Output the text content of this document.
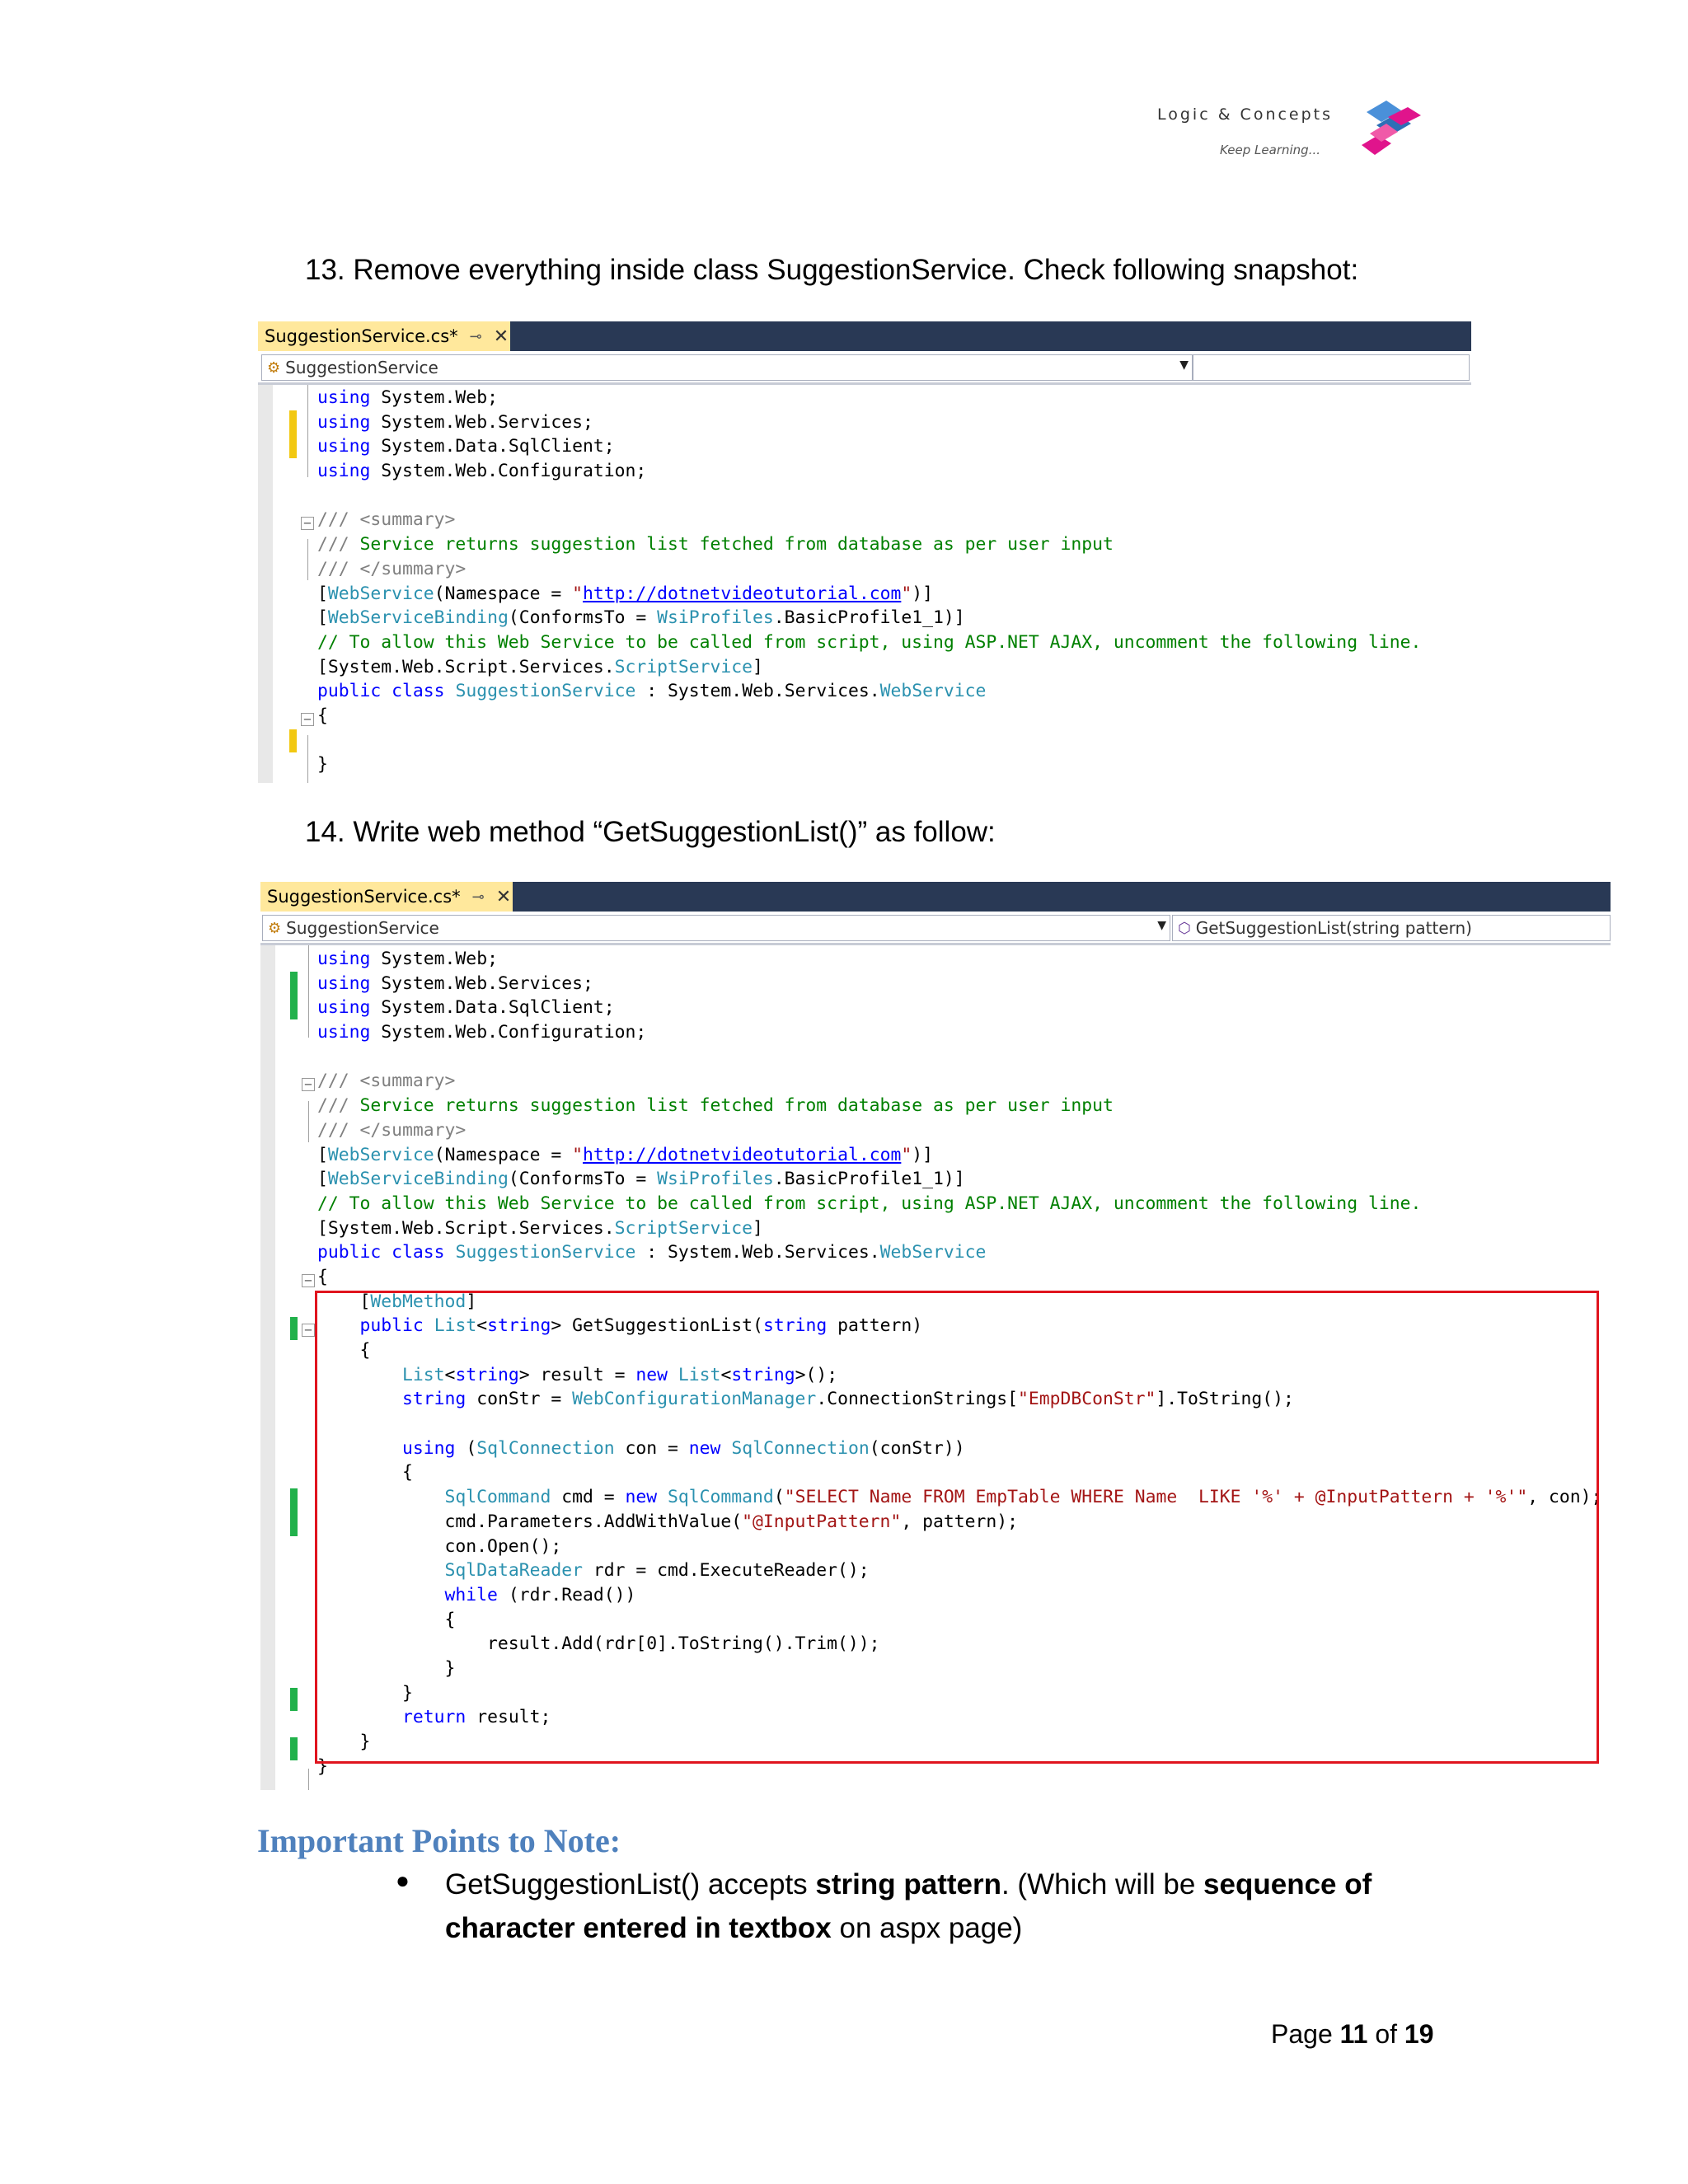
Logic & Concepts
Keep Learning...
13. Remove everything inside class SuggestionService. Check following snapshot:
SuggestionService.cs* ⊸ ✕
⚙ SuggestionService	▼
−
−
using System.Web;
using System.Web.Services;
using System.Data.SqlClient;
using System.Web.Configuration;

/// <summary>
/// Service returns suggestion list fetched from database as per user input
/// </summary>
[WebService(Namespace = "http://dotnetvideotutorial.com")]
[WebServiceBinding(ConformsTo = WsiProfiles.BasicProfile1_1)]
// To allow this Web Service to be called from script, using ASP.NET AJAX, uncomment the following line.
[System.Web.Script.Services.ScriptService]
public class SuggestionService : System.Web.Services.WebService
{

}
14. Write web method “GetSuggestionList()” as follow:
SuggestionService.cs* ⊸ ✕
⚙ SuggestionService	▼ ⬡ GetSuggestionList(string pattern)
−
−
−
using System.Web;
using System.Web.Services;
using System.Data.SqlClient;
using System.Web.Configuration;

/// <summary>
/// Service returns suggestion list fetched from database as per user input
/// </summary>
[WebService(Namespace = "http://dotnetvideotutorial.com")]
[WebServiceBinding(ConformsTo = WsiProfiles.BasicProfile1_1)]
// To allow this Web Service to be called from script, using ASP.NET AJAX, uncomment the following line.
[System.Web.Script.Services.ScriptService]
public class SuggestionService : System.Web.Services.WebService
{
[WebMethod]
public List<string> GetSuggestionList(string pattern)
{
List<string> result = new List<string>();
string conStr = WebConfigurationManager.ConnectionStrings["EmpDBConStr"].ToString();

using (SqlConnection con = new SqlConnection(conStr))
{
SqlCommand cmd = new SqlCommand("SELECT Name FROM EmpTable WHERE Name  LIKE '%' + @InputPattern + '%'", con);
cmd.Parameters.AddWithValue("@InputPattern", pattern);
con.Open();
SqlDataReader rdr = cmd.ExecuteReader();
while (rdr.Read())
{
result.Add(rdr[0].ToString().Trim());
}
}
return result;
}
}
Important Points to Note:
● GetSuggestionList() accepts string pattern. (Which will be sequence of character entered in textbox on aspx page)
Page 11 of 19
